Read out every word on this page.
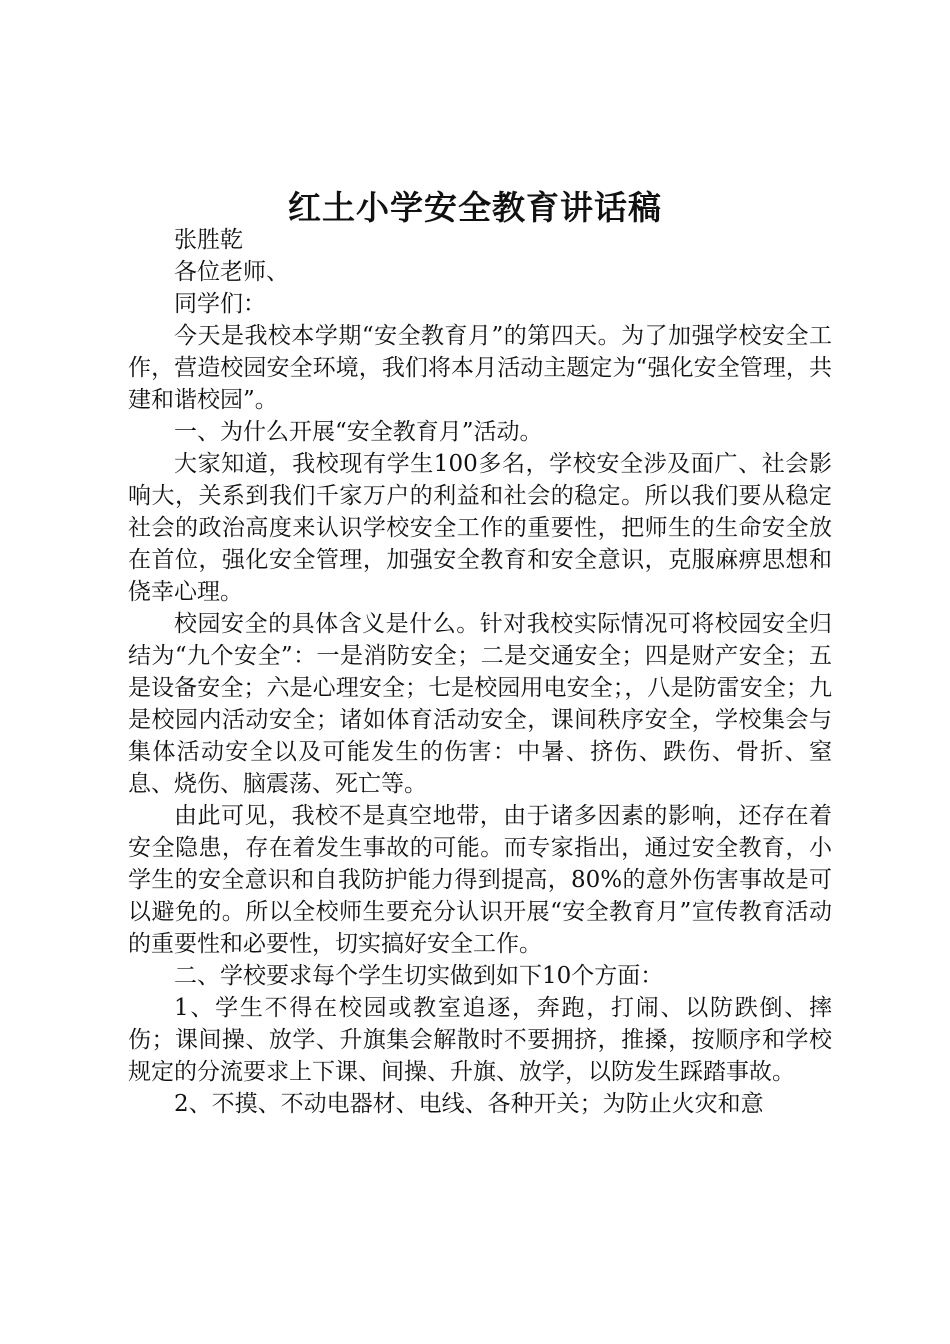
红土小学安全教育讲话稿

张胜乾

各位老师、

同学们：

今天是我校本学期“安全教育月”的第四天。为了加强学校安全工作，营造校园安全环境，我们将本月活动主题定为“强化安全管理，共建和谐校园”。

一、为什么开展“安全教育月”活动。

大家知道，我校现有学生100多名，学校安全涉及面广、社会影响大，关系到我们千家万户的利益和社会的稳定。所以我们要从稳定社会的政治高度来认识学校安全工作的重要性，把师生的生命安全放在首位，强化安全管理，加强安全教育和安全意识，克服麻痹思想和侥幸心理。

校园安全的具体含义是什么。针对我校实际情况可将校园安全归结为“九个安全”：一是消防安全；二是交通安全；四是财产安全；五是设备安全；六是心理安全；七是校园用电安全；，八是防雷安全；九是校园内活动安全；诸如体育活动安全，课间秩序安全，学校集会与集体活动安全以及可能发生的伤害：中暑、挤伤、跌伤、骨折、窒息、烧伤、脑震荡、死亡等。

由此可见，我校不是真空地带，由于诸多因素的影响，还存在着安全隐患，存在着发生事故的可能。而专家指出，通过安全教育，小学生的安全意识和自我防护能力得到提高，80%的意外伤害事故是可以避免的。所以全校师生要充分认识开展“安全教育月”宣传教育活动的重要性和必要性，切实搞好安全工作。

二、学校要求每个学生切实做到如下10个方面：

1、学生不得在校园或教室追逐，奔跑，打闹、以防跌倒、摔伤；课间操、放学、升旗集会解散时不要拥挤，推搡，按顺序和学校规定的分流要求上下课、间操、升旗、放学，以防发生踩踏事故。

2、不摸、不动电器材、电线、各种开关；为防止火灾和意
